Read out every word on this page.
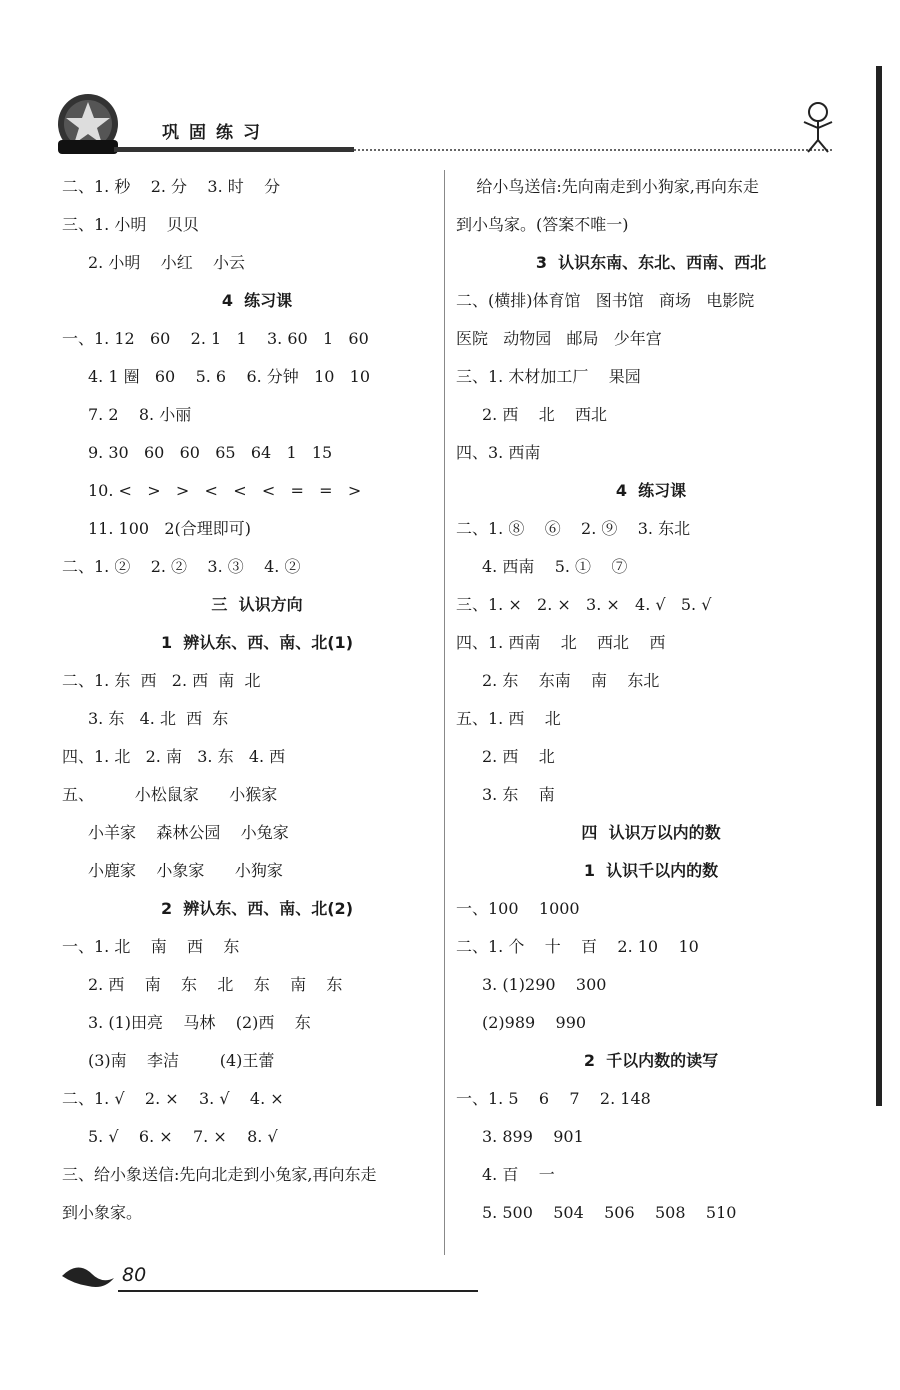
巩固练习
二、1. 秒    2. 分    3. 时    分
三、1. 小明    贝贝
2. 小明    小红    小云
4  练习课
一、1. 12   60    2. 1   1    3. 60   1   60
4. 1 圈   60    5. 6    6. 分钟   10   10
7. 2    8. 小丽
9. 30   60   60   65   64   1   15
10. <   >   >   <   <   <   =   =   >
11. 100   2(合理即可)
二、1. ②    2. ②    3. ③    4. ②
三  认识方向
1  辨认东、西、南、北(1)
二、1. 东  西   2. 西  南  北
3. 东   4. 北  西  东
四、1. 北   2. 南   3. 东   4. 西
五、        小松鼠家      小猴家
小羊家    森林公园    小兔家
小鹿家    小象家      小狗家
2  辨认东、西、南、北(2)
一、1. 北    南    西    东
2. 西    南    东    北    东    南    东
3. (1)田亮    马林    (2)西    东
(3)南    李洁        (4)王蕾
二、1. √    2. ×    3. √    4. ×
5. √    6. ×    7. ×    8. √
三、给小象送信:先向北走到小兔家,再向东走
到小象家。
给小鸟送信:先向南走到小狗家,再向东走
到小鸟家。(答案不唯一)
3  认识东南、东北、西南、西北
二、(横排)体育馆   图书馆   商场   电影院
医院   动物园   邮局   少年宫
三、1. 木材加工厂    果园
2. 西    北    西北
四、3. 西南
4  练习课
二、1. ⑧    ⑥    2. ⑨    3. 东北
4. 西南    5. ①    ⑦
三、1. ×   2. ×   3. ×   4. √   5. √
四、1. 西南    北    西北    西
2. 东    东南    南    东北
五、1. 西    北
2. 西    北
3. 东    南
四  认识万以内的数
1  认识千以内的数
一、100    1000
二、1. 个    十    百    2. 10    10
3. (1)290    300
(2)989    990
2  千以内数的读写
一、1. 5    6    7    2. 148
3. 899    901
4. 百    一
5. 500    504    506    508    510
80
